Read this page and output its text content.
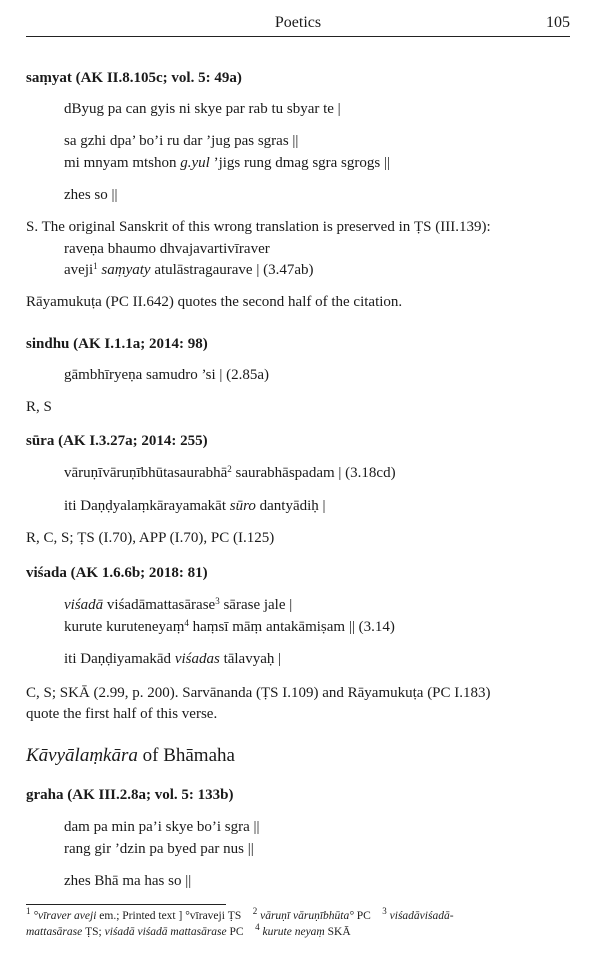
Poetics	105
saṃyat (AK II.8.105c; vol. 5: 49a)
dByug pa can gyis ni skye par rab tu sbyar te |
sa gzhi dpa’ bo’i ru dar ’jug pas sgras ||
mi mnyam mtshon g.yul ’jigs rung dmag sgra sgrogs ||
zhes so ||
S. The original Sanskrit of this wrong translation is preserved in ṬS (III.139):
raveṇa bhaumo dhvajavartivīraver
aveji$^1$ saṃyaty atulāstragaurave | (3.47ab)
Rāyamukuṭa (PC II.642) quotes the second half of the citation.
sindhu (AK I.1.1a; 2014: 98)
gāmbhīryeṇa samudro ’si | (2.85a)
R, S
sūra (AK I.3.27a; 2014: 255)
vāruṇīvāruṇībhūtasaurabhā$^2$ saurabhāspadam | (3.18cd)
iti Daṇḍyalaṃkārayamakāt sūro dantyādiḥ |
R, C, S; ṬS (I.70), APP (I.70), PC (I.125)
viśada (AK 1.6.6b; 2018: 81)
viśadā viśadāmattasārase$^3$ sārase jale |
kurute kuruteneyaṃ$^4$ haṃsī māṃ antakāmiṣam || (3.14)
iti Daṇḍiyamakād viśadas tālavyaḥ |
C, S; SKĀ (2.99, p. 200). Sarvānanda (ṬS I.109) and Rāyamukuṭa (PC I.183)
quote the first half of this verse.
Kāvyālaṃkāra of Bhāmaha
graha (AK III.2.8a; vol. 5: 133b)
dam pa min pa’i skye bo’i sgra ||
rang gir ’dzin pa byed par nus ||
zhes Bhā ma has so ||
$^1$ °vīraver aveji em.; Printed text ] °vīraveji ṬS $^2$ vāruṇī vāruṇībhūta° PC $^3$ viśadāviśadā-
mattasārase ṬS; viśadā viśadā mattasārase PC $^4$ kurute neyaṃ SKĀ
